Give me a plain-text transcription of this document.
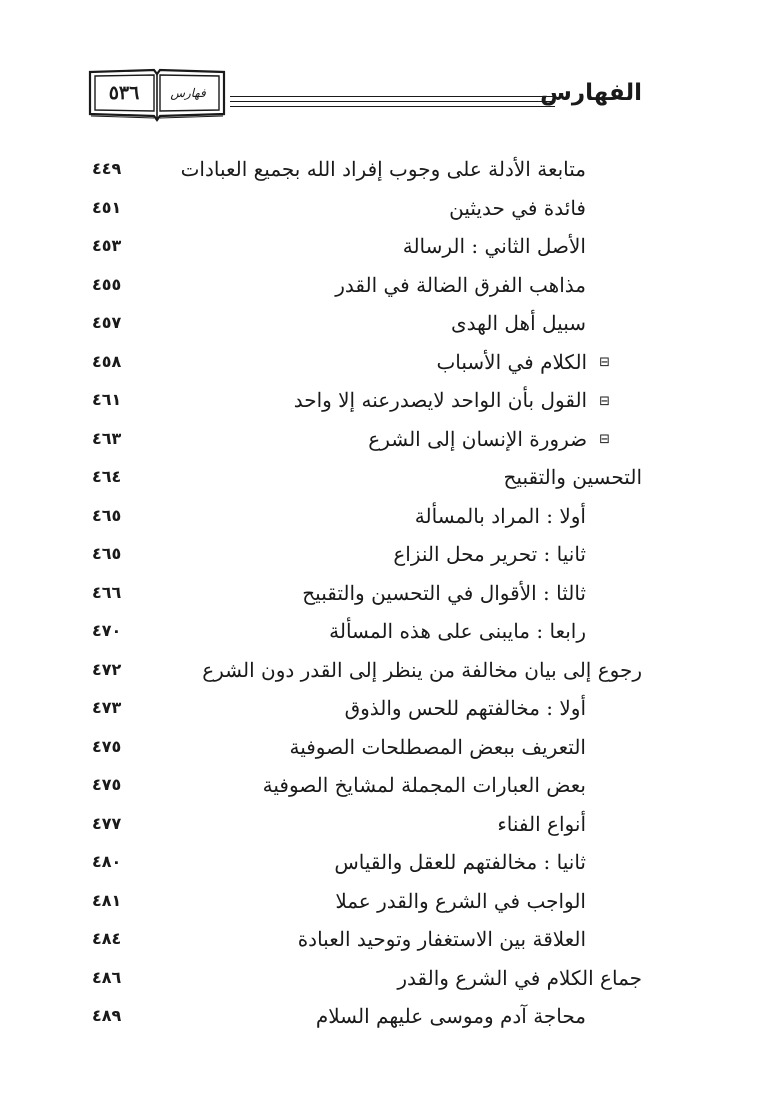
٥٣٦	فهارس	الفهارس
متابعة الأدلة على وجوب إفراد الله بجميع العبادات
٤٤٩
فائدة في حديثين
٤٥١
الأصل الثاني : الرسالة
٤٥٣
مذاهب الفرق الضالة في القدر
٤٥٥
سبيل أهل الهدى
٤٥٧
⊟الكلام في الأسباب
٤٥٨
⊟القول بأن الواحد لايصدرعنه إلا واحد
٤٦١
⊟ضرورة الإنسان إلى الشرع
٤٦٣
التحسين والتقبيح
٤٦٤
أولا : المراد بالمسألة
٤٦٥
ثانيا : تحرير محل النزاع
٤٦٥
ثالثا : الأقوال في التحسين والتقبيح
٤٦٦
رابعا : مايبنى على هذه المسألة
٤٧٠
رجوع إلى بيان مخالفة من ينظر إلى القدر دون الشرع
٤٧٢
أولا : مخالفتهم للحس والذوق
٤٧٣
التعريف ببعض المصطلحات الصوفية
٤٧٥
بعض العبارات المجملة لمشايخ الصوفية
٤٧٥
أنواع الفناء
٤٧٧
ثانيا : مخالفتهم للعقل والقياس
٤٨٠
الواجب في الشرع والقدر عملا
٤٨١
العلاقة بين الاستغفار وتوحيد العبادة
٤٨٤
جماع الكلام في الشرع والقدر
٤٨٦
محاجة آدم وموسى عليهم السلام
٤٨٩
